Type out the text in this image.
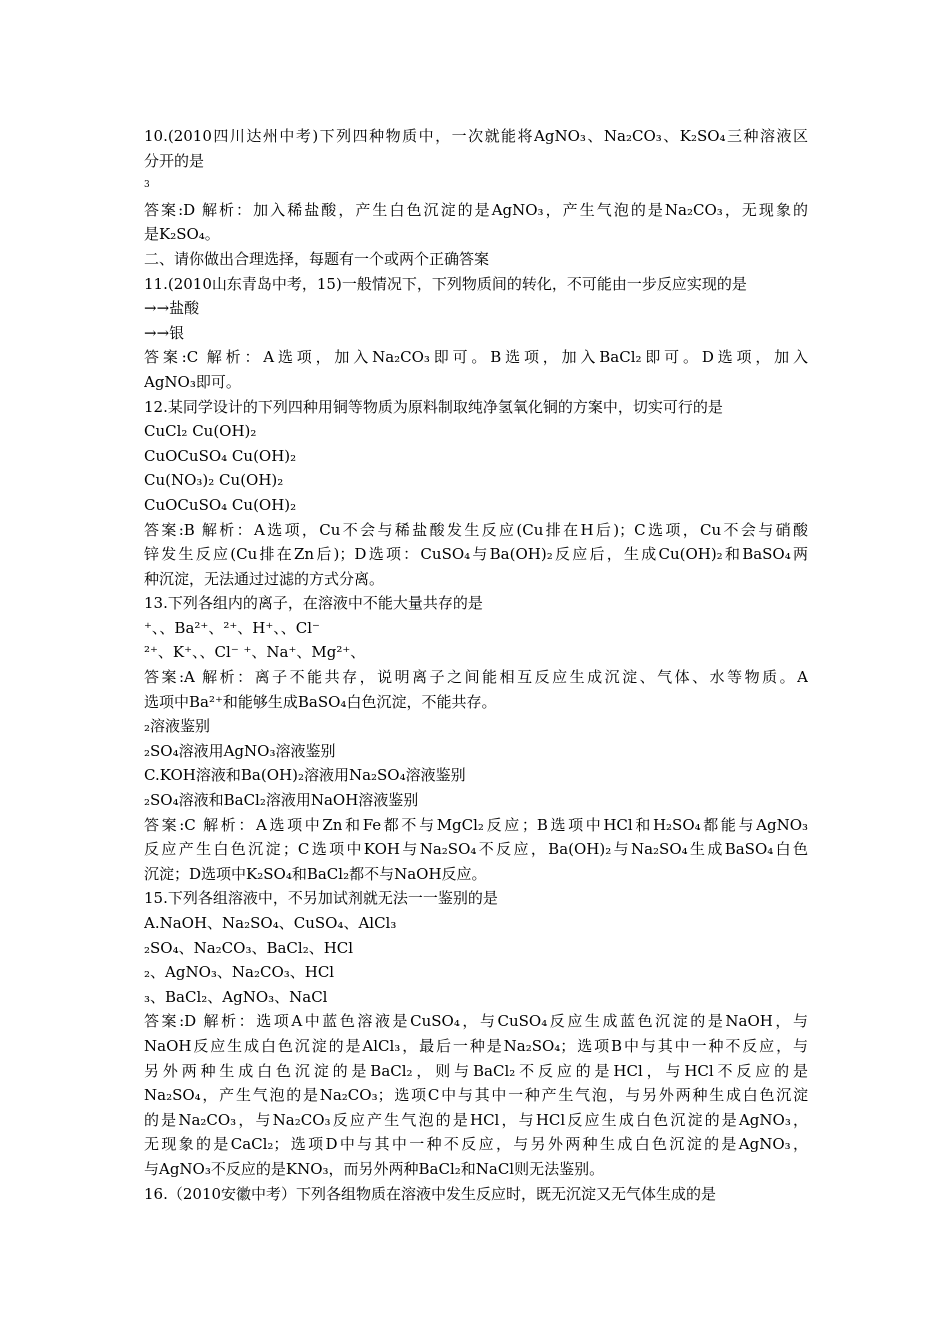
10.(2010四川达州中考)下列四种物质中，一次就能将AgNO₃、Na₂CO₃、K₂SO₄三种溶液区

分开的是

3

答案:D 解析：加入稀盐酸，产生白色沉淀的是AgNO₃，产生气泡的是Na₂CO₃，无现象的

是K₂SO₄。

二、请你做出合理选择，每题有一个或两个正确答案

11.(2010山东青岛中考，15)一般情况下，下列物质间的转化，不可能由一步反应实现的是

→→盐酸

→→银

答案:C 解析：A选项，加入Na₂CO₃即可。B选项，加入BaCl₂即可。D选项，加入

AgNO₃即可。

12.某同学设计的下列四种用铜等物质为原料制取纯净氢氧化铜的方案中，切实可行的是

CuCl₂ Cu(OH)₂

CuOCuSO₄ Cu(OH)₂

Cu(NO₃)₂ Cu(OH)₂

CuOCuSO₄ Cu(OH)₂

答案:B 解析：A选项，Cu不会与稀盐酸发生反应(Cu排在H后)；C选项，Cu不会与硝酸

锌发生反应(Cu排在Zn后)；D选项：CuSO₄与Ba(OH)₂反应后，生成Cu(OH)₂和BaSO₄两

种沉淀，无法通过过滤的方式分离。

13.下列各组内的离子，在溶液中不能大量共存的是

⁺、、Ba²⁺、²⁺、H⁺、、Cl⁻

²⁺、K⁺、、Cl⁻ ⁺、Na⁺、Mg²⁺、

答案:A 解析：离子不能共存，说明离子之间能相互反应生成沉淀、气体、水等物质。A

选项中Ba²⁺和能够生成BaSO₄白色沉淀，不能共存。

₂溶液鉴别

₂SO₄溶液用AgNO₃溶液鉴别

C.KOH溶液和Ba(OH)₂溶液用Na₂SO₄溶液鉴别

₂SO₄溶液和BaCl₂溶液用NaOH溶液鉴别

答案:C 解析：A选项中Zn和Fe都不与MgCl₂反应；B选项中HCl和H₂SO₄都能与AgNO₃

反应产生白色沉淀；C选项中KOH与Na₂SO₄不反应，Ba(OH)₂与Na₂SO₄生成BaSO₄白色

沉淀；D选项中K₂SO₄和BaCl₂都不与NaOH反应。

15.下列各组溶液中，不另加试剂就无法一一鉴别的是

A.NaOH、Na₂SO₄、CuSO₄、AlCl₃

₂SO₄、Na₂CO₃、BaCl₂、HCl

₂、AgNO₃、Na₂CO₃、HCl

₃、BaCl₂、AgNO₃、NaCl

答案:D 解析：选项A中蓝色溶液是CuSO₄，与CuSO₄反应生成蓝色沉淀的是NaOH，与

NaOH反应生成白色沉淀的是AlCl₃，最后一种是Na₂SO₄；选项B中与其中一种不反应，与

另外两种生成白色沉淀的是BaCl₂，则与BaCl₂不反应的是HCl，与HCl不反应的是

Na₂SO₄，产生气泡的是Na₂CO₃；选项C中与其中一种产生气泡，与另外两种生成白色沉淀

的是Na₂CO₃，与Na₂CO₃反应产生气泡的是HCl，与HCl反应生成白色沉淀的是AgNO₃，

无现象的是CaCl₂；选项D中与其中一种不反应，与另外两种生成白色沉淀的是AgNO₃，

与AgNO₃不反应的是KNO₃，而另外两种BaCl₂和NaCl则无法鉴别。

16.（2010安徽中考）下列各组物质在溶液中发生反应时，既无沉淀又无气体生成的是
